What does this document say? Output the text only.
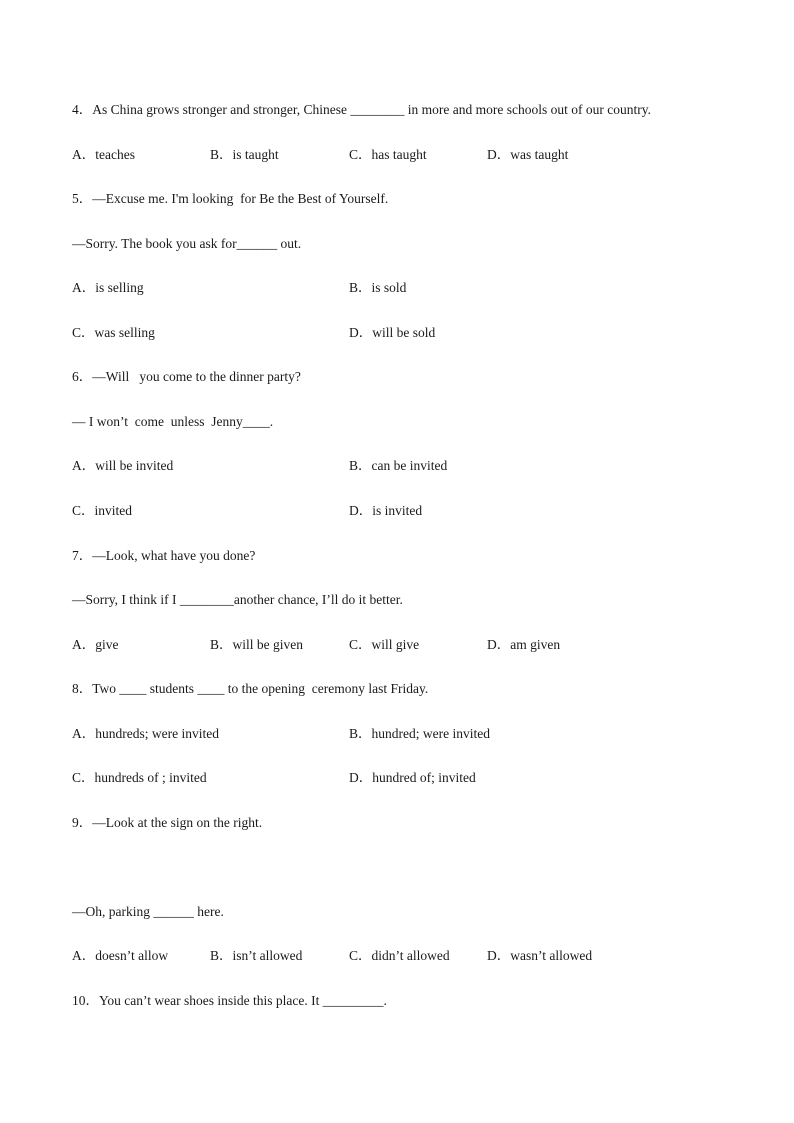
4．As China grows stronger and stronger, Chinese ________ in more and more schools out of our country.
A．teaches	B．is taught	C．has taught	D．was taught
5．—Excuse me. I'm looking  for Be the Best of Yourself.
—Sorry. The book you ask for______ out.
A．is selling	B．is sold
C．was selling	D．will be sold
6．—Will   you come to the dinner party?
— I won’t  come  unless  Jenny____.
A．will be invited	B．can be invited
C．invited	D．is invited
7．—Look, what have you done?
—Sorry, I think if I ________another chance, I’ll do it better.
A．give	B．will be given	C．will give	D．am given
8．Two ____ students ____ to the opening  ceremony last Friday.
A．hundreds; were invited	B．hundred; were invited
C．hundreds of ; invited	D．hundred of; invited
9．—Look at the sign on the right.
—Oh, parking ______ here.
A．doesn’t allow	B．isn’t allowed	C．didn’t allowed	D．wasn’t allowed
10．You can’t wear shoes inside this place. It _________.
